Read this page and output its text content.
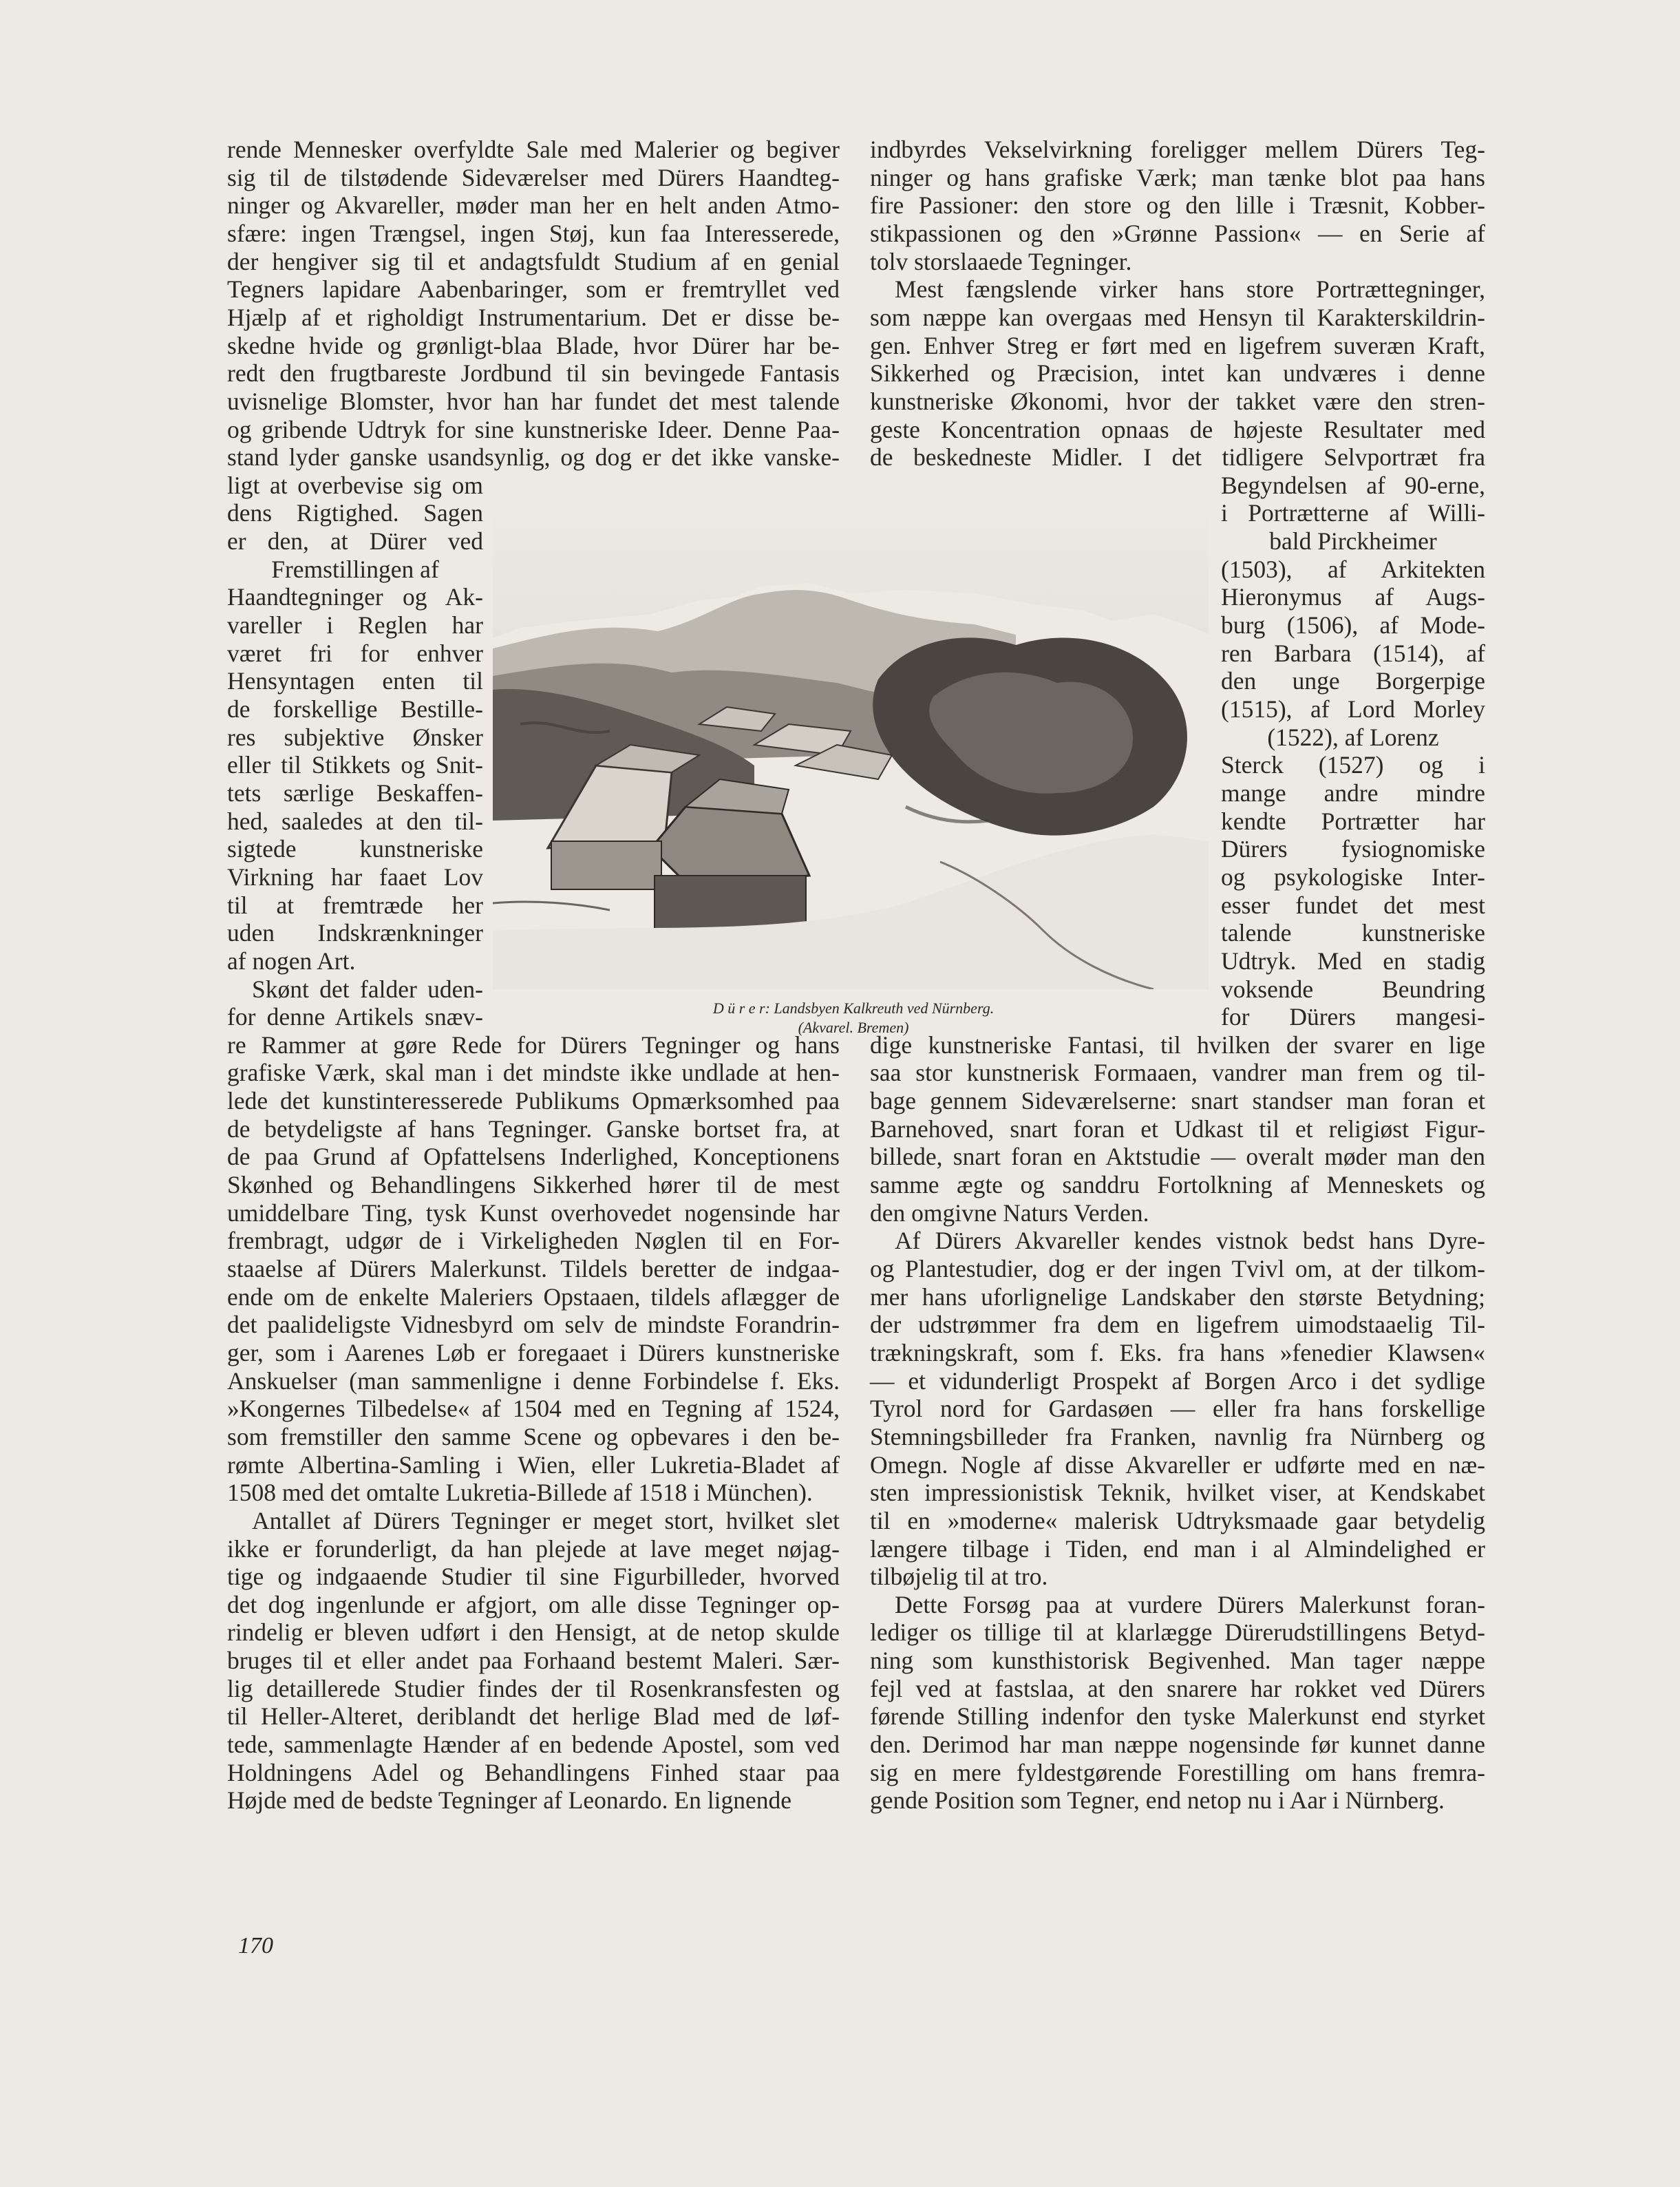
rende Mennesker overfyldte Sale med Malerier og begiver
sig til de tilstødende Sideværelser med Dürers Haandteg-
ninger og Akvareller, møder man her en helt anden Atmo-
sfære: ingen Trængsel, ingen Støj, kun faa Interesserede,
der hengiver sig til et andagtsfuldt Studium af en genial
Tegners lapidare Aabenbaringer, som er fremtryllet ved
Hjælp af et righoldigt Instrumentarium. Det er disse be-
skedne hvide og grønligt-blaa Blade, hvor Dürer har be-
redt den frugtbareste Jordbund til sin bevingede Fantasis
uvisnelige Blomster, hvor han har fundet det mest talende
og gribende Udtryk for sine kunstneriske Ideer. Denne Paa-
stand lyder ganske usandsynlig, og dog er det ikke vanske-
ligt at overbevise sig om
dens Rigtighed. Sagen
er den, at Dürer ved
Fremstillingen af
Haandtegninger og Ak-
vareller i Reglen har
været fri for enhver
Hensyntagen enten til
de forskellige Bestille-
res subjektive Ønsker
eller til Stikkets og Snit-
tets særlige Beskaffen-
hed, saaledes at den til-
sigtede kunstneriske
Virkning har faaet Lov
til at fremtræde her
uden Indskrænkninger
af nogen Art.
Skønt det falder uden-
for denne Artikels snæv-
re Rammer at gøre Rede for Dürers Tegninger og hans
grafiske Værk, skal man i det mindste ikke undlade at hen-
lede det kunstinteresserede Publikums Opmærksomhed paa
de betydeligste af hans Tegninger. Ganske bortset fra, at
de paa Grund af Opfattelsens Inderlighed, Konceptionens
Skønhed og Behandlingens Sikkerhed hører til de mest
umiddelbare Ting, tysk Kunst overhovedet nogensinde har
frembragt, udgør de i Virkeligheden Nøglen til en For-
staaelse af Dürers Malerkunst. Tildels beretter de indgaa-
ende om de enkelte Maleriers Opstaaen, tildels aflægger de
det paalideligste Vidnesbyrd om selv de mindste Forandrin-
ger, som i Aarenes Løb er foregaaet i Dürers kunstneriske
Anskuelser (man sammenligne i denne Forbindelse f. Eks.
»Kongernes Tilbedelse« af 1504 med en Tegning af 1524,
som fremstiller den samme Scene og opbevares i den be-
rømte Albertina-Samling i Wien, eller Lukretia-Bladet af
1508 med det omtalte Lukretia-Billede af 1518 i München).
Antallet af Dürers Tegninger er meget stort, hvilket slet
ikke er forunderligt, da han plejede at lave meget nøjag-
tige og indgaaende Studier til sine Figurbilleder, hvorved
det dog ingenlunde er afgjort, om alle disse Tegninger op-
rindelig er bleven udført i den Hensigt, at de netop skulde
bruges til et eller andet paa Forhaand bestemt Maleri. Sær-
lig detaillerede Studier findes der til Rosenkransfesten og
til Heller-Alteret, deriblandt det herlige Blad med de løf-
tede, sammenlagte Hænder af en bedende Apostel, som ved
Holdningens Adel og Behandlingens Finhed staar paa
Højde med de bedste Tegninger af Leonardo. En lignende
indbyrdes Vekselvirkning foreligger mellem Dürers Teg-
ninger og hans grafiske Værk; man tænke blot paa hans
fire Passioner: den store og den lille i Træsnit, Kobber-
stikpassionen og den »Grønne Passion« — en Serie af
tolv storslaaede Tegninger.
Mest fængslende virker hans store Portrættegninger,
som næppe kan overgaas med Hensyn til Karakterskildrin-
gen. Enhver Streg er ført med en ligefrem suveræn Kraft,
Sikkerhed og Præcision, intet kan undværes i denne
kunstneriske Økonomi, hvor der takket være den stren-
geste Koncentration opnaas de højeste Resultater med
de beskedneste Midler. I det tidligere Selvportræt fra
Begyndelsen af 90-erne,
i Portrætterne af Willi-
bald Pirckheimer
(1503), af Arkitekten
Hieronymus af Augs-
burg (1506), af Mode-
ren Barbara (1514), af
den unge Borgerpige
(1515), af Lord Morley
(1522), af Lorenz
Sterck (1527) og i
mange andre mindre
kendte Portrætter har
Dürers fysiognomiske
og psykologiske Inter-
esser fundet det mest
talende kunstneriske
Udtryk. Med en stadig
voksende Beundring
for Dürers mangesi-
dige kunstneriske Fantasi, til hvilken der svarer en lige
saa stor kunstnerisk Formaaen, vandrer man frem og til-
bage gennem Sideværelserne: snart standser man foran et
Barnehoved, snart foran et Udkast til et religiøst Figur-
billede, snart foran en Aktstudie — overalt møder man den
samme ægte og sanddru Fortolkning af Menneskets og
den omgivne Naturs Verden.
Af Dürers Akvareller kendes vistnok bedst hans Dyre-
og Plantestudier, dog er der ingen Tvivl om, at der tilkom-
mer hans uforlignelige Landskaber den største Betydning;
der udstrømmer fra dem en ligefrem uimodstaaelig Til-
trækningskraft, som f. Eks. fra hans »fenedier Klawsen«
— et vidunderligt Prospekt af Borgen Arco i det sydlige
Tyrol nord for Gardasøen — eller fra hans forskellige
Stemningsbilleder fra Franken, navnlig fra Nürnberg og
Omegn. Nogle af disse Akvareller er udførte med en næ-
sten impressionistisk Teknik, hvilket viser, at Kendskabet
til en »moderne« malerisk Udtryksmaade gaar betydelig
længere tilbage i Tiden, end man i al Almindelighed er
tilbøjelig til at tro.
Dette Forsøg paa at vurdere Dürers Malerkunst foran-
lediger os tillige til at klarlægge Dürerudstillingens Betyd-
ning som kunsthistorisk Begivenhed. Man tager næppe
fejl ved at fastslaa, at den snarere har rokket ved Dürers
førende Stilling indenfor den tyske Malerkunst end styrket
den. Derimod har man næppe nogensinde før kunnet danne
sig en mere fyldestgørende Forestilling om hans fremra-
gende Position som Tegner, end netop nu i Aar i Nürnberg.
D ü r e r: Landsbyen Kalkreuth ved Nürnberg.
(Akvarel. Bremen)
170
